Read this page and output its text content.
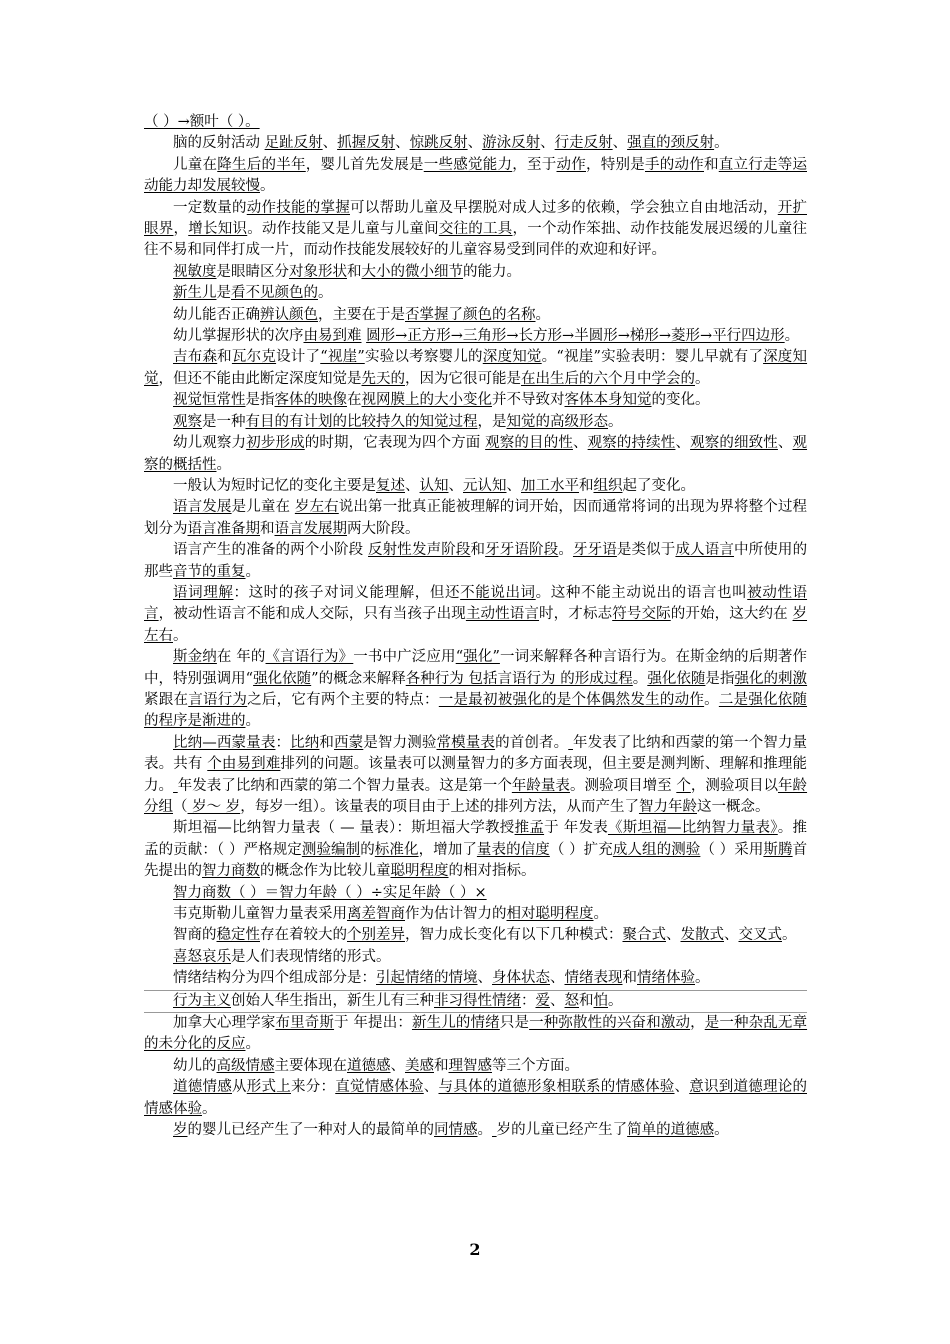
（ ）→额叶（ ）。

脑的反射活动 足趾反射、抓握反射、惊跳反射、游泳反射、行走反射、强直的颈反射。

儿童在降生后的半年，婴儿首先发展是一些感觉能力，至于动作，特别是手的动作和直立行走等运动能力却发展较慢。

一定数量的动作技能的掌握可以帮助儿童及早摆脱对成人过多的依赖，学会独立自由地活动，开扩眼界，增长知识。动作技能又是儿童与儿童间交往的工具，一个动作笨拙、动作技能发展迟缓的儿童往往不易和同伴打成一片，而动作技能发展较好的儿童容易受到同伴的欢迎和好评。

视敏度是眼睛区分对象形状和大小的微小细节的能力。

新生儿是看不见颜色的。

幼儿能否正确辨认颜色，主要在于是否掌握了颜色的名称。

幼儿掌握形状的次序由易到难 圆形→正方形→三角形→长方形→半圆形→梯形→菱形→平行四边形。

吉布森和瓦尔克设计了“视崖”实验以考察婴儿的深度知觉。“视崖”实验表明：婴儿早就有了深度知觉，但还不能由此断定深度知觉是先天的，因为它很可能是在出生后的六个月中学会的。

视觉恒常性是指客体的映像在视网膜上的大小变化并不导致对客体本身知觉的变化。

观察是一种有目的有计划的比较持久的知觉过程，是知觉的高级形态。

幼儿观察力初步形成的时期，它表现为四个方面 观察的目的性、观察的持续性、观察的细致性、观察的概括性。

一般认为短时记忆的变化主要是复述、认知、元认知、加工水平和组织起了变化。

语言发展是儿童在 岁左右说出第一批真正能被理解的词开始，因而通常将词的出现为界将整个过程划分为语言准备期和语言发展期两大阶段。

语言产生的准备的两个小阶段 反射性发声阶段和牙牙语阶段。牙牙语是类似于成人语言中所使用的那些音节的重复。

语词理解：这时的孩子对词义能理解，但还不能说出词。这种不能主动说出的语言也叫被动性语言，被动性语言不能和成人交际，只有当孩子出现主动性语言时，才标志符号交际的开始，这大约在 岁左右。

斯金纳在 年的《言语行为》一书中广泛应用“强化”一词来解释各种言语行为。在斯金纳的后期著作中，特别强调用“强化依随”的概念来解释各种行为 包括言语行为 的形成过程。强化依随是指强化的刺激紧跟在言语行为之后，它有两个主要的特点：一是最初被强化的是个体偶然发生的动作。二是强化依随的程序是渐进的。

比纳—西蒙量表：比纳和西蒙是智力测验常模量表的首创者。 年发表了比纳和西蒙的第一个智力量表。共有 个由易到难排列的问题。该量表可以测量智力的多方面表现，但主要是测判断、理解和推理能力。 年发表了比纳和西蒙的第二个智力量表。这是第一个年龄量表。测验项目增至 个，测验项目以年龄分组（ 岁～ 岁，每岁一组）。该量表的项目由于上述的排列方法，从而产生了智力年龄这一概念。

斯坦福—比纳智力量表（ — 量表）：斯坦福大学教授推孟于 年发表《斯坦福—比纳智力量表》。推孟的贡献：（ ）严格规定测验编制的标准化，增加了量表的信度（ ）扩充成人组的测验（ ）采用斯腾首先提出的智力商数的概念作为比较儿童聪明程度的相对指标。

智力商数（ ）＝智力年龄（ ）÷实足年龄（ ）×

韦克斯勒儿童智力量表采用离差智商作为估计智力的相对聪明程度。

智商的稳定性存在着较大的个别差异，智力成长变化有以下几种模式：聚合式、发散式、交叉式。

喜怒哀乐是人们表现情绪的形式。

情绪结构分为四个组成部分是：引起情绪的情境、身体状态、情绪表现和情绪体验。

行为主义创始人华生指出，新生儿有三种非习得性情绪：爱、怒和怕。

加拿大心理学家布里奇斯于 年提出：新生儿的情绪只是一种弥散性的兴奋和激动，是一种杂乱无章的未分化的反应。

幼儿的高级情感主要体现在道德感、美感和理智感等三个方面。

道德情感从形式上来分：直觉情感体验、与具体的道德形象相联系的情感体验、意识到道德理论的情感体验。

岁的婴儿已经产生了一种对人的最简单的同情感。 岁的儿童已经产生了简单的道德感。

2
